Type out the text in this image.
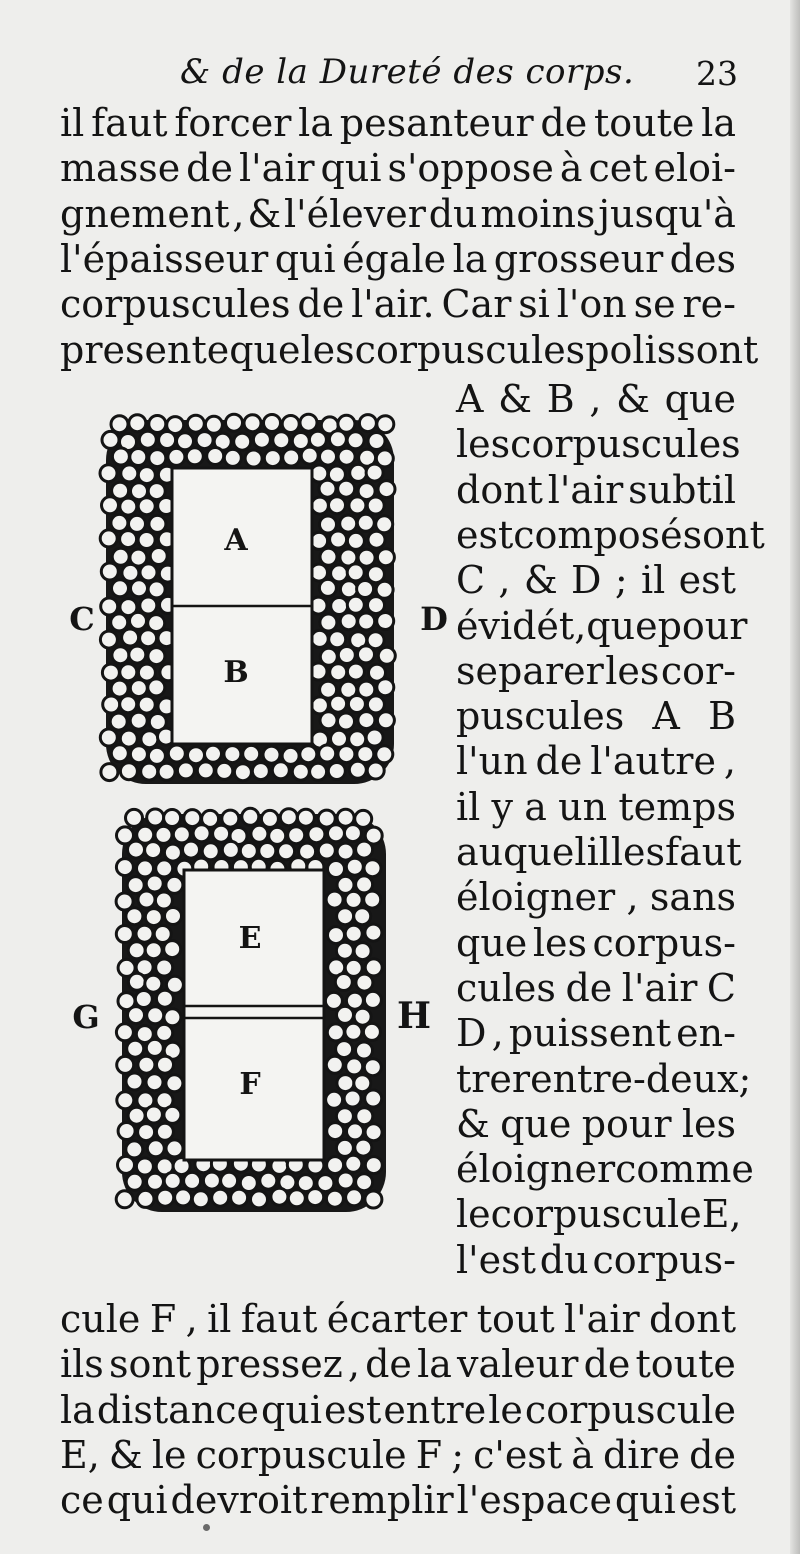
& de la Dureté des corps. 23
il faut forcer la pesanteur de toute la
masse de l'air qui s'oppose à cet eloi-
gnement , & l'élever du moins jusqu'à
l'épaisseur qui égale la grosseur des
corpuscules de l'air. Car si l'on se re-
presente que les corpuscules polis sont
A & B , & que
les corpuscules
dont l'air subtil
est composé sont
C , & D ; il est
évidét, que pour
separer les cor-
puscules A B
l'un de l'autre ,
il y a un temps
auquel il les faut
éloigner , sans
que les corpus-
cules de l'air C
D , puissent en-
trer entre-deux;
& que pour les
éloigner comme
le corpuscule E,
l'est du corpus-
cule F , il faut écarter tout l'air dont
ils sont pressez , de la valeur de toute
la distance qui est entre le corpuscule
E, & le corpuscule F ; c'est à dire de
ce qui devroit remplir l'espace qui est
A
B
C	D
E
F
G	H
